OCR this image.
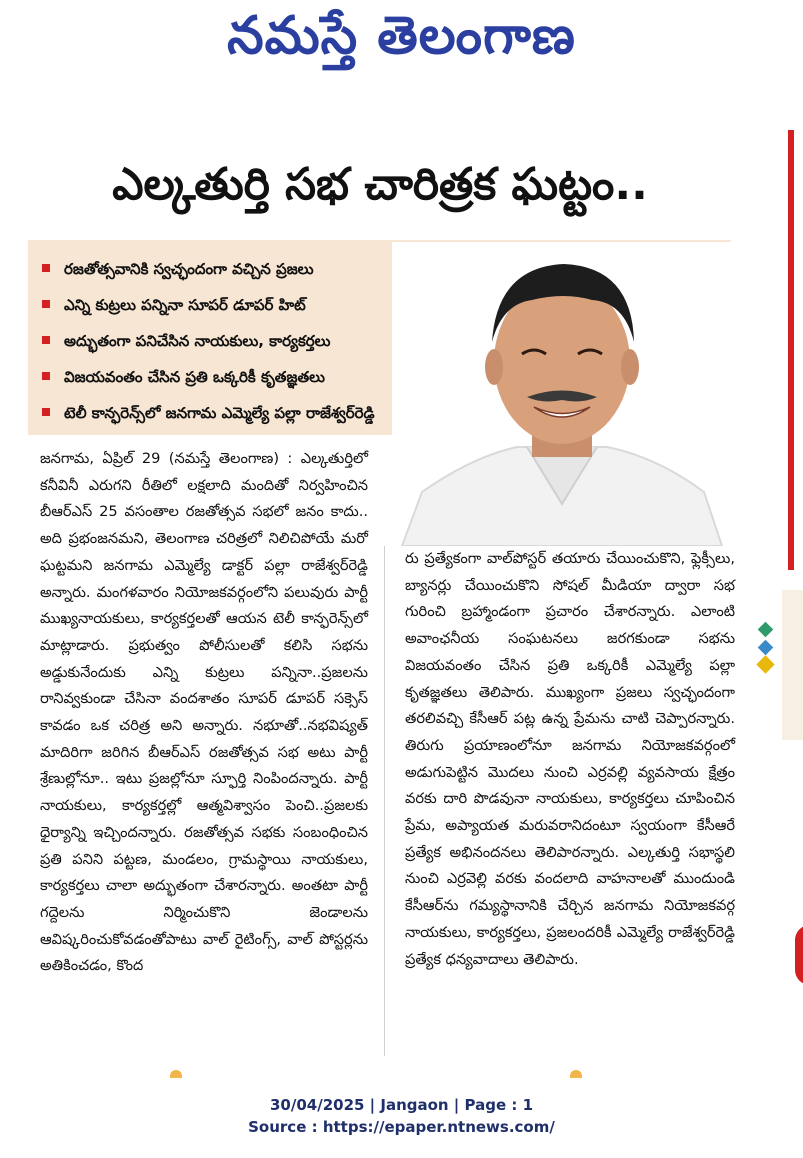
నమస్తే తెలంగాణ
ఎల్కతుర్తి సభ చారిత్రక ఘట్టం..
రజతోత్సవానికి స్వచ్ఛందంగా వచ్చిన ప్రజలు
ఎన్ని కుట్రలు పన్నినా సూపర్ డూపర్ హిట్
అద్భుతంగా పనిచేసిన నాయకులు, కార్యకర్తలు
విజయవంతం చేసిన ప్రతి ఒక్కరికీ కృతజ్ఞతలు
టెలీ కాన్ఫరెన్స్‌లో జనగామ ఎమ్మెల్యే పల్లా రాజేశ్వర్‌రెడ్డి

జనగామ, ఏప్రిల్ 29 (నమస్తే తెలంగాణ) : ఎల్కతుర్తిలో కనీవినీ ఎరుగని రీతిలో లక్షలాది మందితో నిర్వహించిన బీఆర్‌ఎస్ 25 వసంతాల రజతోత్సవ సభలో జనం కాదు.. అది ప్రభంజనమని, తెలంగాణ చరిత్రలో నిలిచిపోయే మరో ఘట్టమని జనగామ ఎమ్మెల్యే డాక్టర్ పల్లా రాజేశ్వర్‌రెడ్డి అన్నారు. మంగళవారం నియోజకవర్గంలోని పలువురు పార్టీ ముఖ్యనాయకులు, కార్యకర్తలతో ఆయన టెలీ కాన్ఫరెన్స్‌లో మాట్లాడారు. ప్రభుత్వం పోలీసులతో కలిసి సభను అడ్డుకునేందుకు ఎన్ని కుట్రలు పన్నినా..ప్రజలను రానివ్వకుండా చేసినా వందశాతం సూపర్ డూపర్ సక్సెస్ కావడం ఒక చరిత్ర అని అన్నారు. నభూతో..నభవిష్యత్ మాదిరిగా జరిగిన బీఆర్‌ఎస్ రజతోత్సవ సభ అటు పార్టీ శ్రేణుల్లోనూ.. ఇటు ప్రజల్లోనూ స్ఫూర్తి నింపిందన్నారు. పార్టీ నాయకులు, కార్యకర్తల్లో ఆత్మవిశ్వాసం పెంచి..ప్రజలకు ధైర్యాన్ని ఇచ్చిందన్నారు. రజతోత్సవ సభకు సంబంధించిన ప్రతి పనిని పట్టణ, మండలం, గ్రామస్థాయి నాయకులు, కార్యకర్తలు చాలా అద్భుతంగా చేశారన్నారు. అంతటా పార్టీ గద్దెలను నిర్మించుకొని జెండాలను ఆవిష్కరించుకోవడంతోపాటు వాల్ రైటింగ్స్, వాల్ పోస్టర్లను అతికించడం, కొంద

రు ప్రత్యేకంగా వాల్‌పోస్టర్ తయారు చేయించుకొని, ఫ్లెక్సీలు, బ్యానర్లు చేయించుకొని సోషల్ మీడియా ద్వారా సభ గురించి బ్రహ్మాండంగా ప్రచారం చేశారన్నారు. ఎలాంటి అవాంఛనీయ సంఘటనలు జరగకుండా సభను విజయవంతం చేసిన ప్రతి ఒక్కరికీ ఎమ్మెల్యే పల్లా కృతజ్ఞతలు తెలిపారు. ముఖ్యంగా ప్రజలు స్వచ్ఛందంగా తరలివచ్చి కేసీఆర్ పట్ల ఉన్న ప్రేమను చాటి చెప్పారన్నారు. తిరుగు ప్రయాణంలోనూ జనగామ నియోజకవర్గంలో అడుగుపెట్టిన మొదలు నుంచి ఎర్రవల్లి వ్యవసాయ క్షేత్రం వరకు దారి పొడవునా నాయకులు, కార్యకర్తలు చూపించిన ప్రేమ, అప్యాయత మరువరానిదంటూ స్వయంగా కేసీఆరే ప్రత్యేక అభినందనలు తెలిపారన్నారు. ఎల్కతుర్తి సభాస్థలి నుంచి ఎర్రవెల్లి వరకు వందలాది వాహనాలతో ముందుండి కేసీఆర్‌ను గమ్యస్థానానికి చేర్చిన జనగామ నియోజకవర్గ నాయకులు, కార్యకర్తలు, ప్రజలందరికీ ఎమ్మెల్యే రాజేశ్వర్‌రెడ్డి ప్రత్యేక ధన్యవాదాలు తెలిపారు.

30/04/2025 | Jangaon | Page : 1
Source : https://epaper.ntnews.com/
